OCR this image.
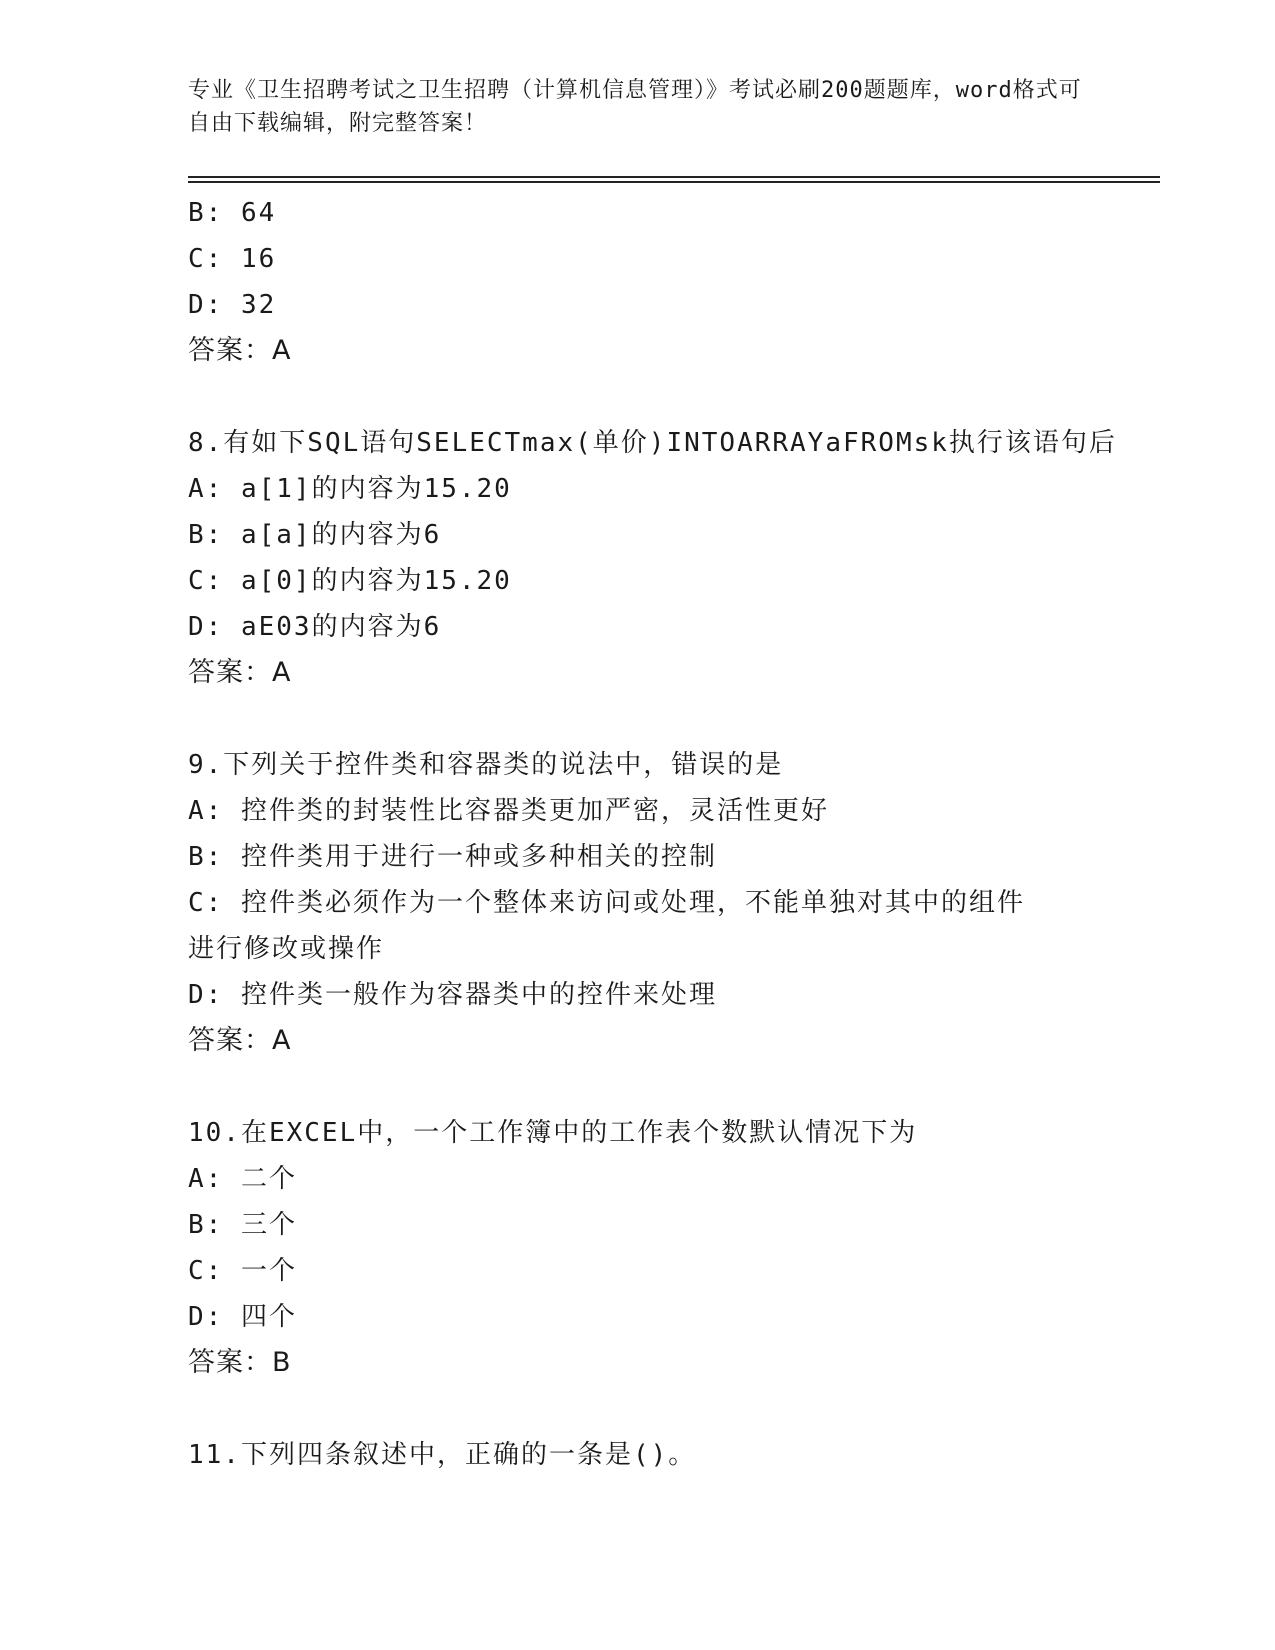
专业《卫生招聘考试之卫生招聘（计算机信息管理）》考试必刷200题题库，word格式可自由下载编辑，附完整答案！
B: 64
C: 16
D: 32
答案：A
8.有如下SQL语句SELECTmax(单价)INTOARRAYaFROMsk执行该语句后
A: a[1]的内容为15.20
B: a[a]的内容为6
C: a[0]的内容为15.20
D: aE03的内容为6
答案：A
9.下列关于控件类和容器类的说法中，错误的是
A: 控件类的封装性比容器类更加严密，灵活性更好
B: 控件类用于进行一种或多种相关的控制
C: 控件类必须作为一个整体来访问或处理，不能单独对其中的组件进行修改或操作
D: 控件类一般作为容器类中的控件来处理
答案：A
10.在EXCEL中，一个工作簿中的工作表个数默认情况下为
A: 二个
B: 三个
C: 一个
D: 四个
答案：B
11.下列四条叙述中，正确的一条是()。
